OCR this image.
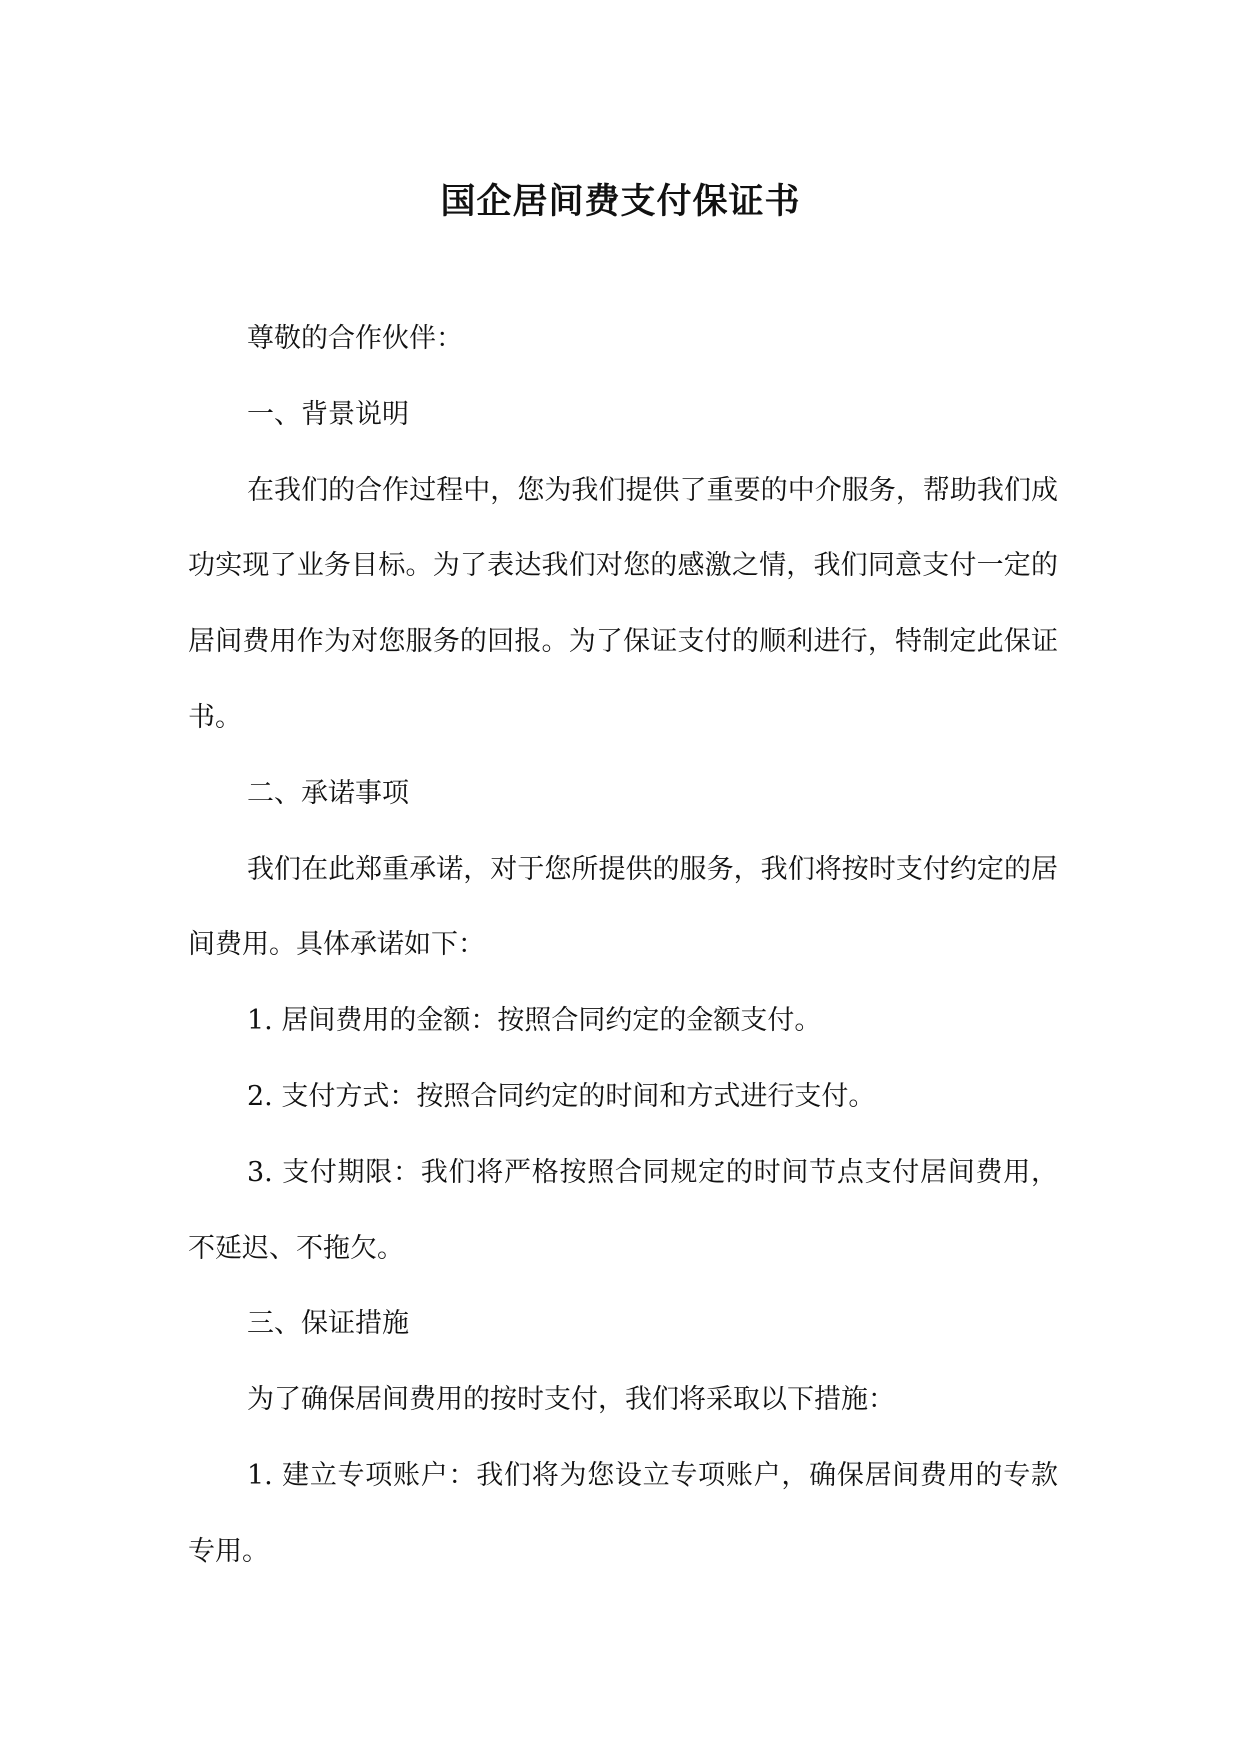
国企居间费支付保证书

尊敬的合作伙伴：

一、背景说明

在我们的合作过程中，您为我们提供了重要的中介服务，帮助我们成功实现了业务目标。为了表达我们对您的感激之情，我们同意支付一定的居间费用作为对您服务的回报。为了保证支付的顺利进行，特制定此保证书。

二、承诺事项

我们在此郑重承诺，对于您所提供的服务，我们将按时支付约定的居间费用。具体承诺如下：

1. 居间费用的金额：按照合同约定的金额支付。

2. 支付方式：按照合同约定的时间和方式进行支付。

3. 支付期限：我们将严格按照合同规定的时间节点支付居间费用，不延迟、不拖欠。

三、保证措施

为了确保居间费用的按时支付，我们将采取以下措施：

1. 建立专项账户：我们将为您设立专项账户，确保居间费用的专款专用。
